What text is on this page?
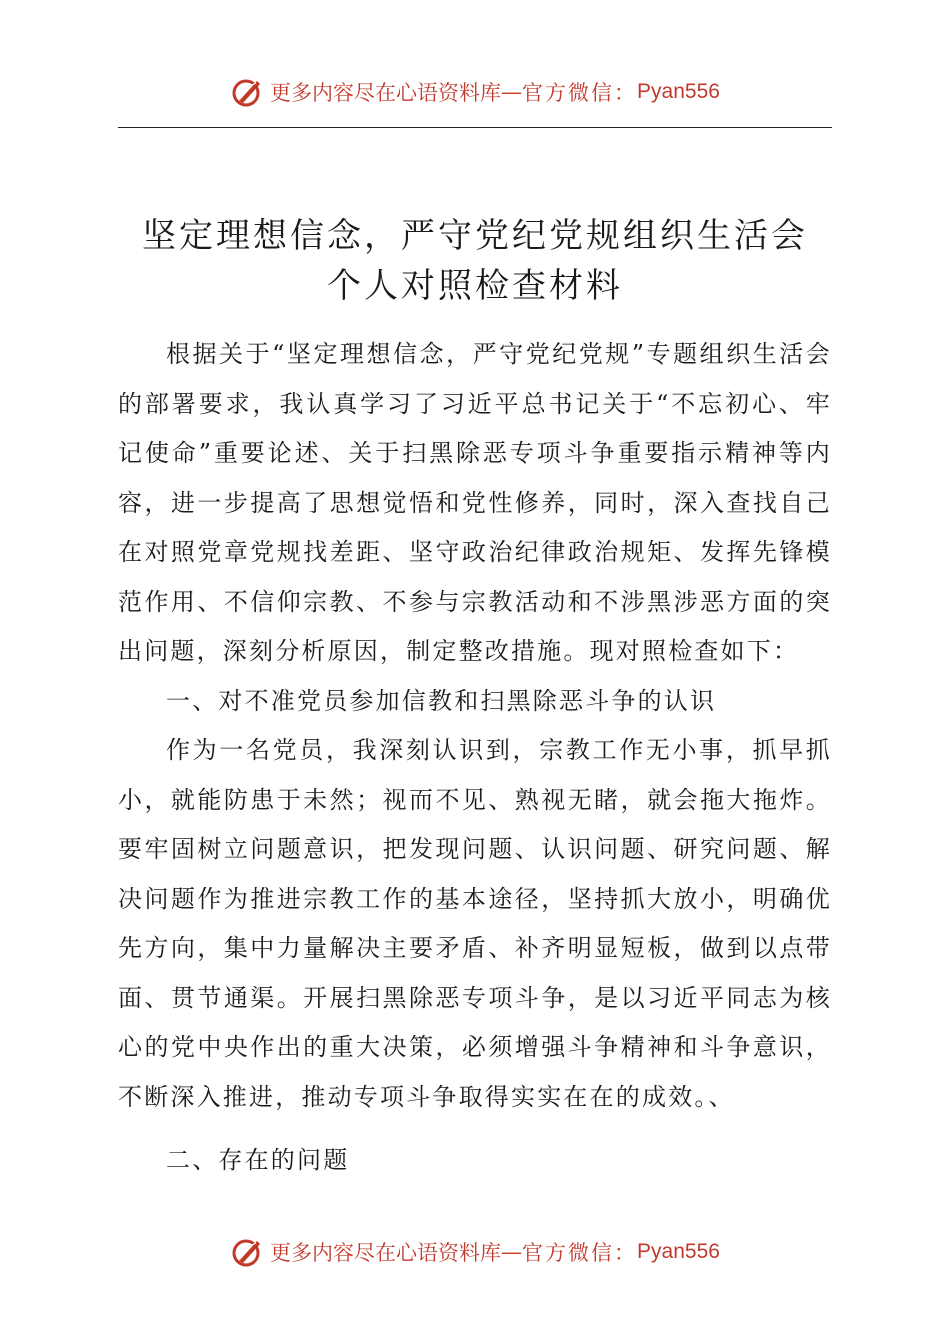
更多内容尽在心语资料库 — 官方微信： Pyan556
坚定理想信念，严守党纪党规组织生活会
个人对照检查材料

根据关于“坚定理想信念，严守党纪党规”专题组织生活会的部署要求，我认真学习了习近平总书记关于“不忘初心、牢记使命”重要论述、关于扫黑除恶专项斗争重要指示精神等内容，进一步提高了思想觉悟和党性修养，同时，深入查找自己在对照党章党规找差距、坚守政治纪律政治规矩、发挥先锋模范作用、不信仰宗教、不参与宗教活动和不涉黑涉恶方面的突出问题，深刻分析原因，制定整改措施。现对照检查如下：

一、对不准党员参加信教和扫黑除恶斗争的认识

作为一名党员，我深刻认识到，宗教工作无小事，抓早抓小，就能防患于未然；视而不见、熟视无睹，就会拖大拖炸。要牢固树立问题意识，把发现问题、认识问题、研究问题、解决问题作为推进宗教工作的基本途径，坚持抓大放小，明确优先方向，集中力量解决主要矛盾、补齐明显短板，做到以点带面、贯节通渠。开展扫黑除恶专项斗争，是以习近平同志为核心的党中央作出的重大决策，必须增强斗争精神和斗争意识，不断深入推进，推动专项斗争取得实实在在的成效。、

二、存在的问题

更多内容尽在心语资料库 — 官方微信： Pyan556
